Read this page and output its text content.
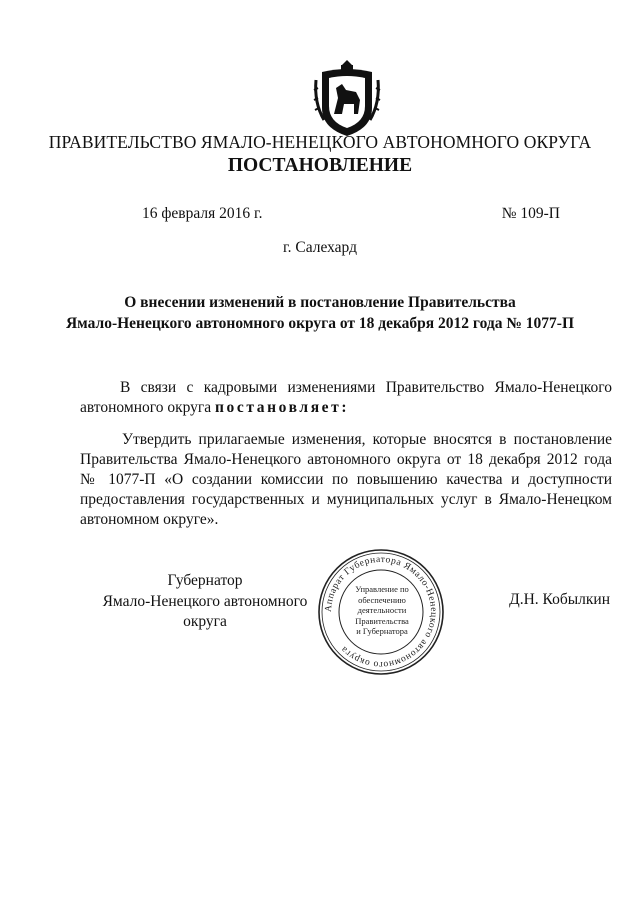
ПРАВИТЕЛЬСТВО ЯМАЛО-НЕНЕЦКОГО АВТОНОМНОГО ОКРУГА
ПОСТАНОВЛЕНИЕ
16 февраля 2016 г.	№ 109-П
г. Салехард
О внесении изменений в постановление Правительства
Ямало-Ненецкого автономного округа от 18 декабря 2012 года № 1077-П
В связи с кадровыми изменениями Правительство Ямало-Ненецкого автономного округа постановляет:
Утвердить прилагаемые изменения, которые вносятся в постановление Правительства Ямало-Ненецкого автономного округа от 18 декабря 2012 года № 1077-П «О создании комиссии по повышению качества и доступности предоставления государственных и муниципальных услуг в Ямало-Ненецком автономном округе».
Губернатор
Ямало-Ненецкого автономного округа
Аппарат Губернатора Ямало-Ненецкого автономного округа
Управление по
обеспечению
деятельности
Правительства
и Губернатора
Д.Н. Кобылкин
